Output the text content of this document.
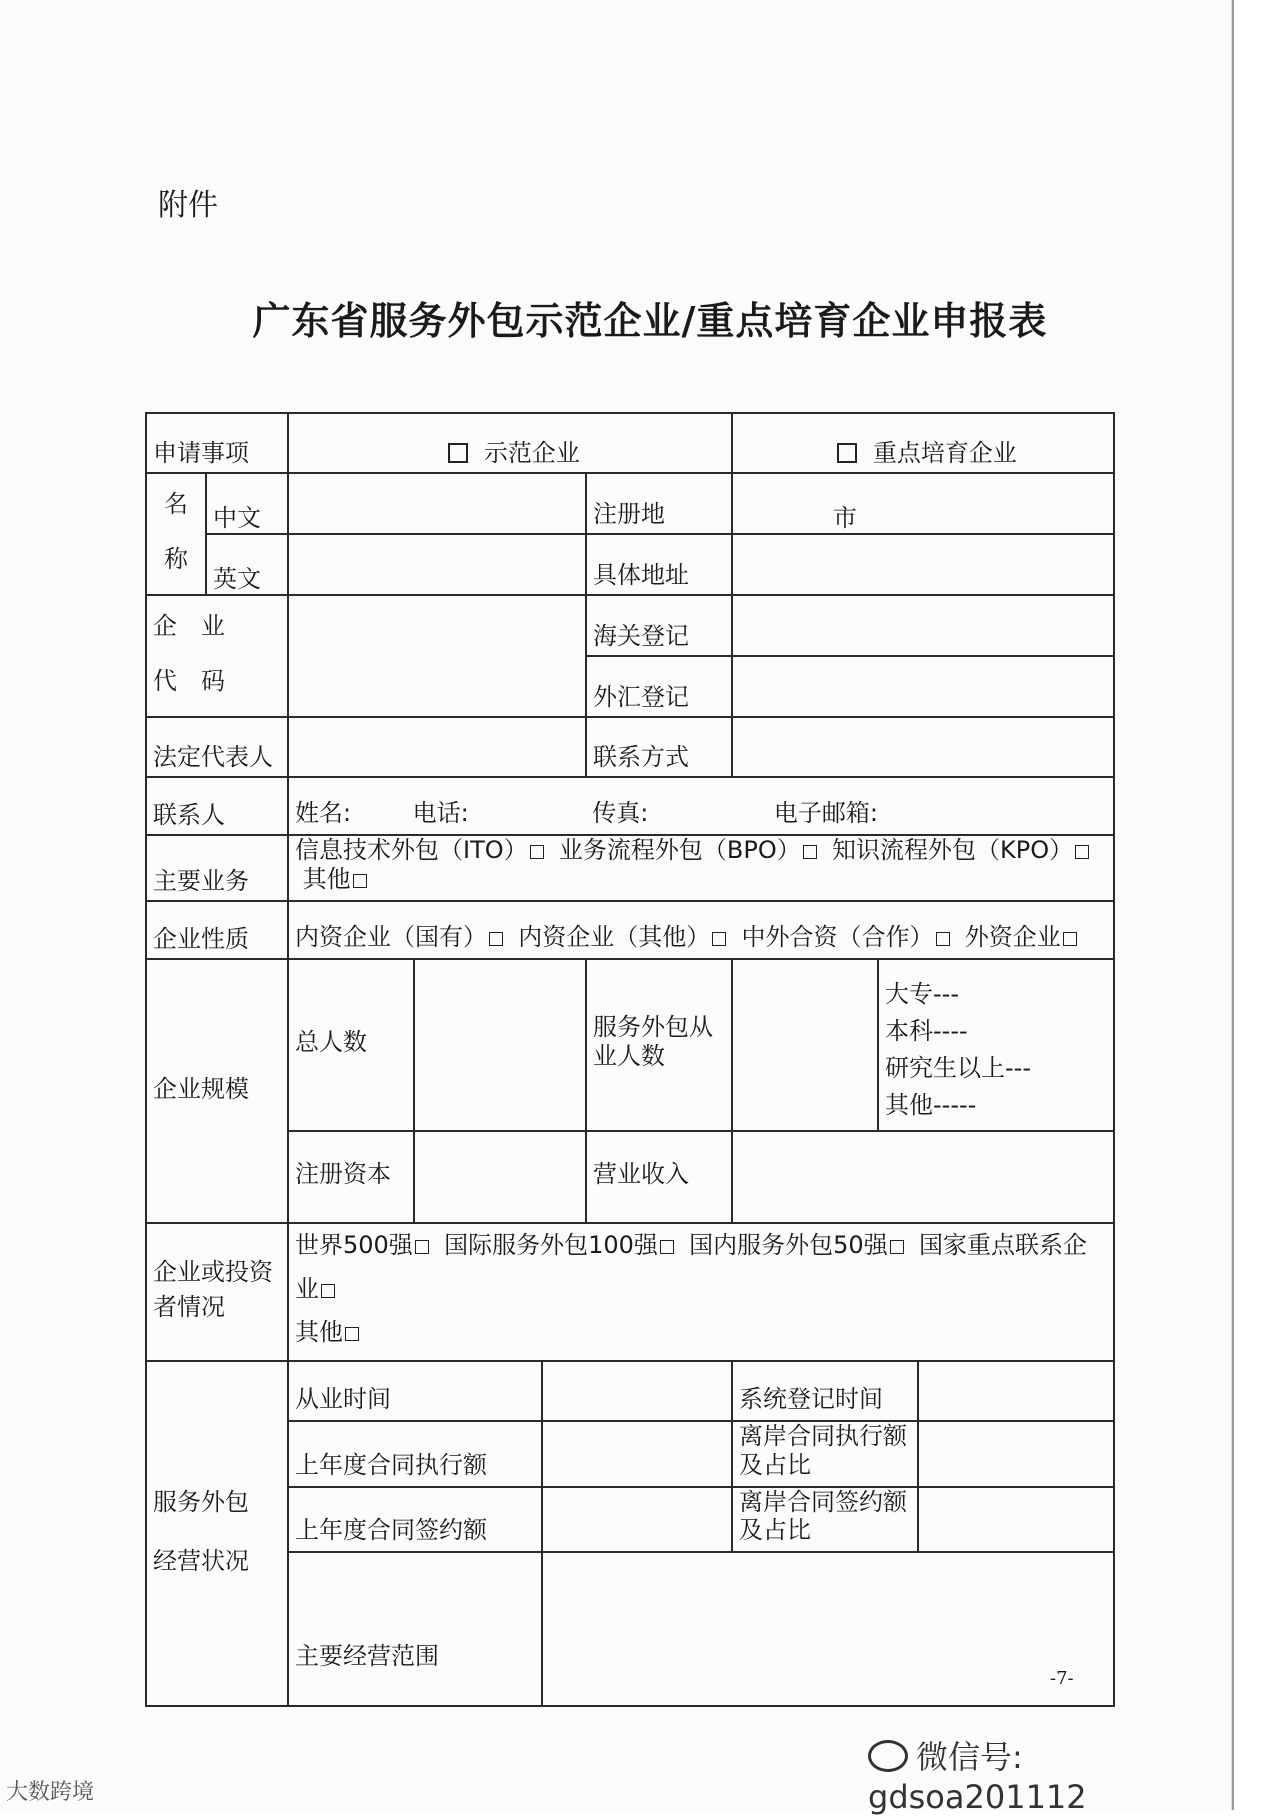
附件
广东省服务外包示范企业/重点培育企业申报表
申请事项		示范企业				重点培育企业		

名
称	中文				注册地	市		
	英文				具体地址			

企　业
代　码					海关登记			
					外汇登记			
法定代表人					联系方式			
联系人		姓名: 电话: 传真: 电子邮箱:						
主要业务		信息技术外包（ITO） 业务流程外包（BPO） 知识流程外包（KPO）  其他						
企业性质		内资企业（国有） 内资企业（其他） 中外合资（合作） 外资企业						
企业规模		总人数			服务外包从业人数		大专---
本科----
研究生以上---
其他-----	

		注册资本			营业收入			
企业或投资者情况		世界500强 国际服务外包100强 国内服务外包50强 国家重点联系企业
其他						

服务外包
经营状况		从业时间				系统登记时间		
		上年度合同执行额				离岸合同执行额及占比		
		上年度合同签约额				离岸合同签约额及占比		
		主要经营范围						
-7-
微信号: gdsoa201112
大数跨境
